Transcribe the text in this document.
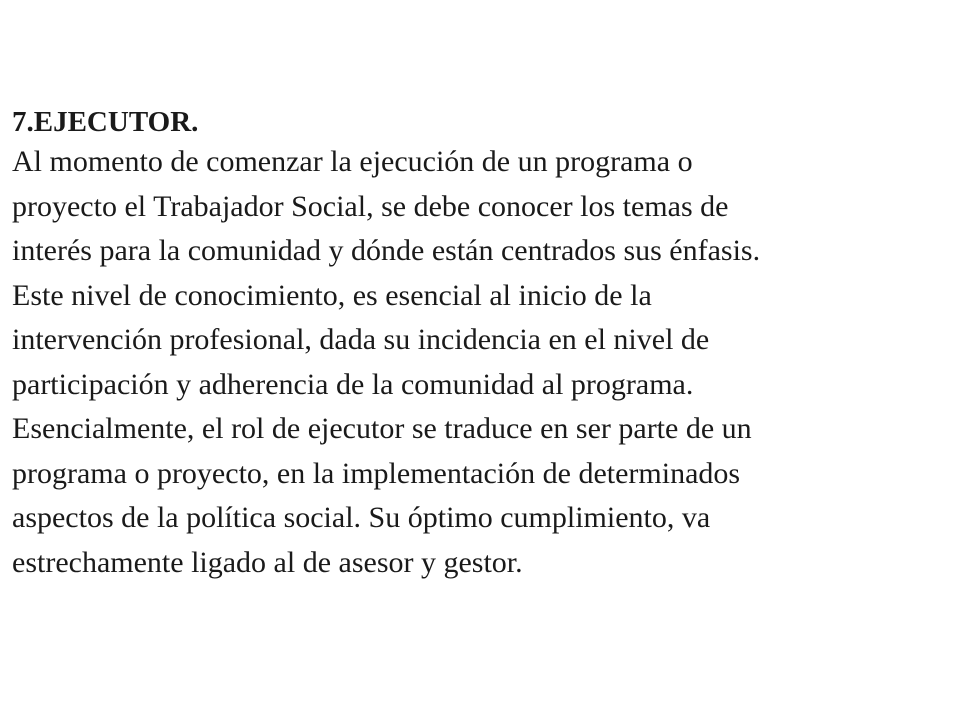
7.EJECUTOR.
Al momento de comenzar la ejecución de un programa o
proyecto el Trabajador Social, se debe conocer los temas de
interés para la comunidad y dónde están centrados sus énfasis.
Este nivel de conocimiento, es esencial al inicio de la
intervención profesional, dada su incidencia en el nivel de
participación y adherencia de la comunidad al programa.
Esencialmente, el rol de ejecutor se traduce en ser parte de un
programa o proyecto, en la implementación de determinados
aspectos de la política social. Su óptimo cumplimiento, va
estrechamente ligado al de asesor y gestor.
